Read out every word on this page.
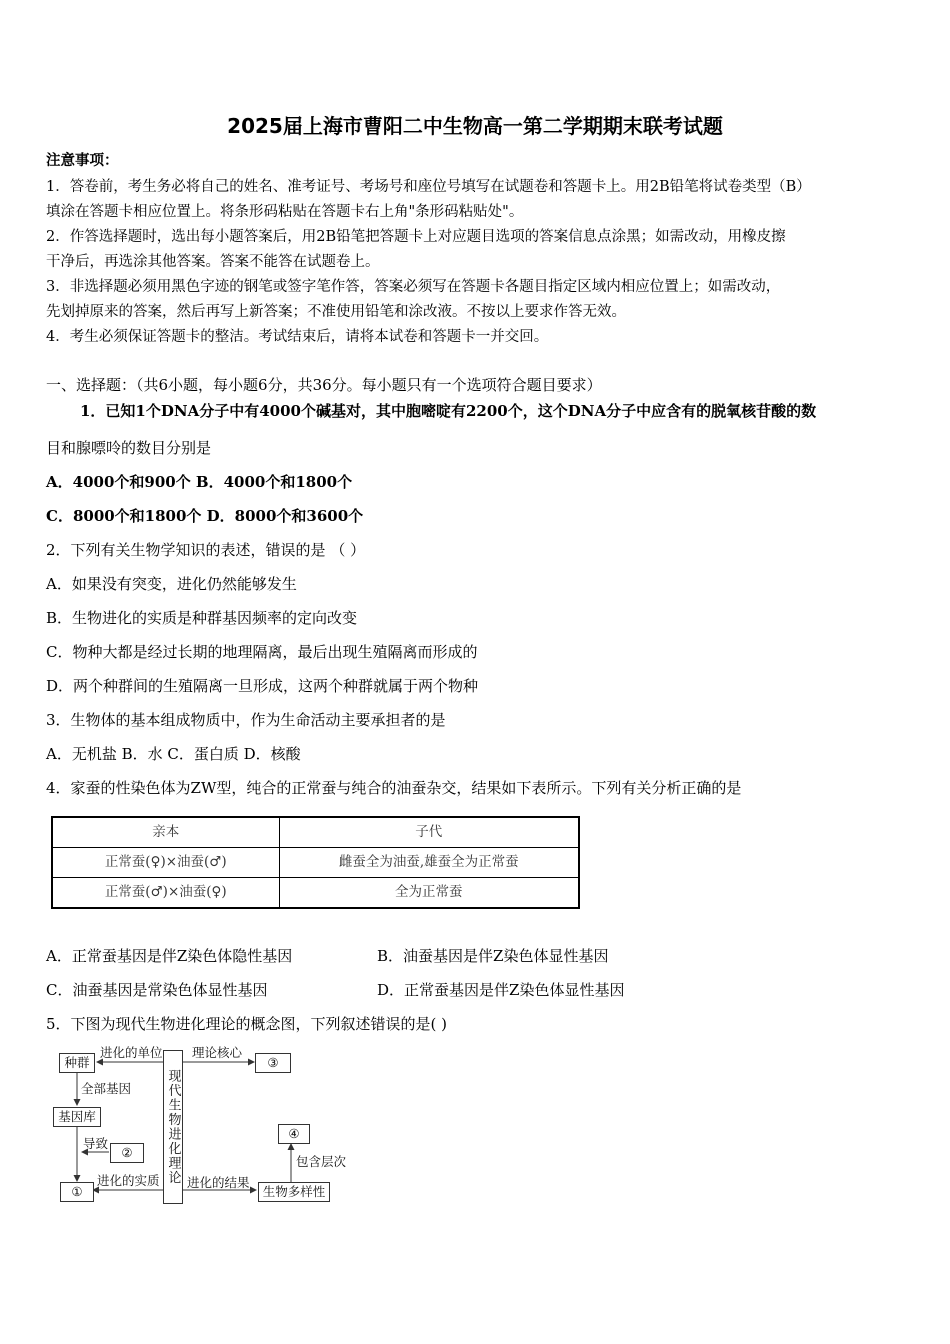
2025届上海市曹阳二中生物高一第二学期期末联考试题
注意事项：
1．答卷前，考生务必将自己的姓名、准考证号、考场号和座位号填写在试题卷和答题卡上。用2B铅笔将试卷类型（B）
填涂在答题卡相应位置上。将条形码粘贴在答题卡右上角"条形码粘贴处"。
2．作答选择题时，选出每小题答案后，用2B铅笔把答题卡上对应题目选项的答案信息点涂黑；如需改动，用橡皮擦
干净后，再选涂其他答案。答案不能答在试题卷上。
3．非选择题必须用黑色字迹的钢笔或签字笔作答，答案必须写在答题卡各题目指定区域内相应位置上；如需改动，
先划掉原来的答案，然后再写上新答案；不准使用铅笔和涂改液。不按以上要求作答无效。
4．考生必须保证答题卡的整洁。考试结束后，请将本试卷和答题卡一并交回。
一、选择题：（共6小题，每小题6分，共36分。每小题只有一个选项符合题目要求）
1．已知1个DNA分子中有4000个碱基对，其中胞嘧啶有2200个，这个DNA分子中应含有的脱氧核苷酸的数
目和腺嘌呤的数目分别是
A．4000个和900个 B．4000个和1800个
C．8000个和1800个 D．8000个和3600个
2．下列有关生物学知识的表述，错误的是 （ ）
A．如果没有突变，进化仍然能够发生
B．生物进化的实质是种群基因频率的定向改变
C．物种大都是经过长期的地理隔离，最后出现生殖隔离而形成的
D．两个种群间的生殖隔离一旦形成，这两个种群就属于两个物种
3．生物体的基本组成物质中，作为生命活动主要承担者的是
A．无机盐 B．水 C．蛋白质 D．核酸
4．家蚕的性染色体为ZW型，纯合的正常蚕与纯合的油蚕杂交，结果如下表所示。下列有关分析正确的是
亲本	子代
正常蚕(♀)×油蚕(♂)	雌蚕全为油蚕,雄蚕全为正常蚕
正常蚕(♂)×油蚕(♀)	全为正常蚕
A．正常蚕基因是伴Z染色体隐性基因	B．油蚕基因是伴Z染色体显性基因
C．油蚕基因是常染色体显性基因	D．正常蚕基因是伴Z染色体显性基因
5．下图为现代生物进化理论的概念图，下列叙述错误的是( )
现代生物进化理论
种群
基因库
②
①
③
④
生物多样性
进化的单位
全部基因
导致
进化的实质
理论核心
进化的结果
包含层次
